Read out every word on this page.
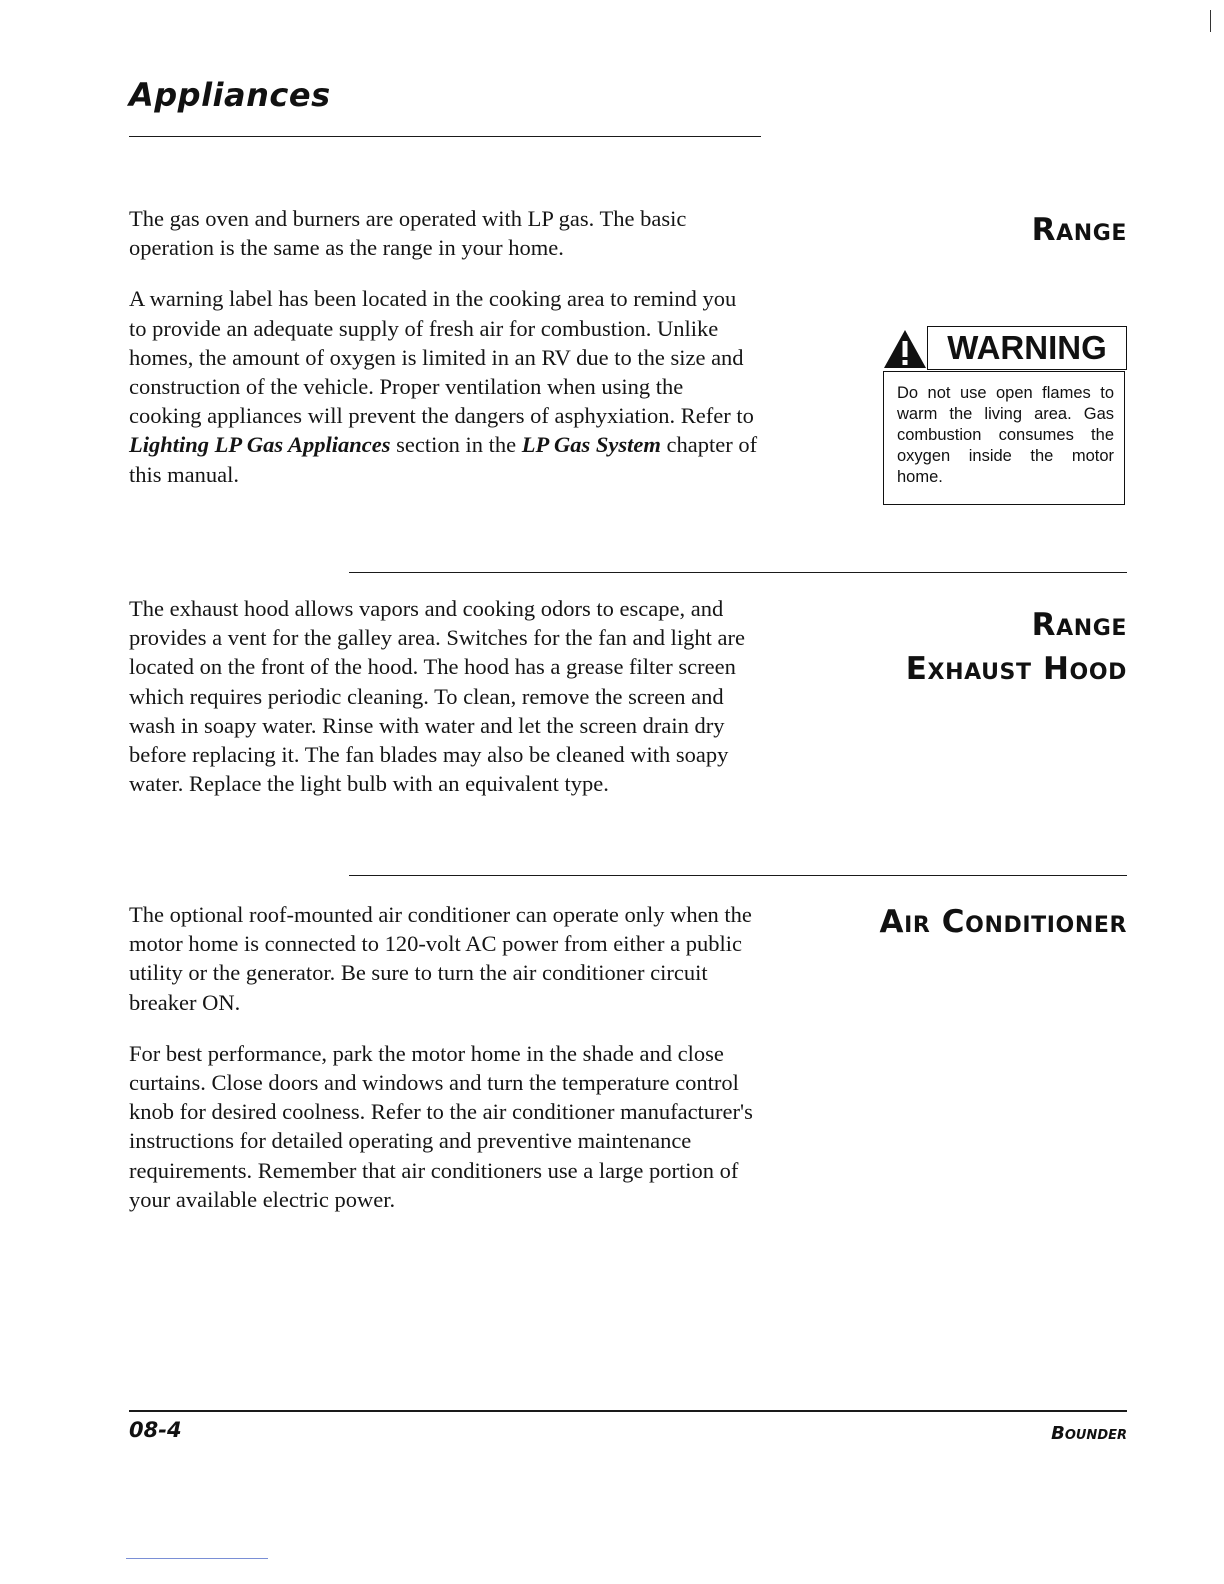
Appliances

The gas oven and burners are operated with LP gas. The basic operation is the same as the range in your home.

A warning label has been located in the cooking area to remind you to provide an adequate supply of fresh air for combustion. Unlike homes, the amount of oxygen is limited in an RV due to the size and construction of the vehicle. Proper ventilation when using the cooking appliances will prevent the dangers of asphyxiation. Refer to Lighting LP Gas Appliances section in the LP Gas System chapter of this manual.

Range
WARNING
Do not use open flames to warm the living area. Gas combustion consumes the oxygen inside the motor home.

The exhaust hood allows vapors and cooking odors to escape, and provides a vent for the galley area. Switches for the fan and light are located on the front of the hood. The hood has a grease filter screen which requires periodic cleaning. To clean, remove the screen and wash in soapy water. Rinse with water and let the screen drain dry before replacing it. The fan blades may also be cleaned with soapy water. Replace the light bulb with an equivalent type.

Range
Exhaust Hood

The optional roof-mounted air conditioner can operate only when the motor home is connected to 120-volt AC power from either a public utility or the generator. Be sure to turn the air conditioner circuit breaker ON.

For best performance, park the motor home in the shade and close curtains. Close doors and windows and turn the temperature control knob for desired coolness. Refer to the air conditioner manufacturer's instructions for detailed operating and preventive maintenance requirements. Remember that air conditioners use a large portion of your available electric power.

Air Conditioner
08-4	Bounder
